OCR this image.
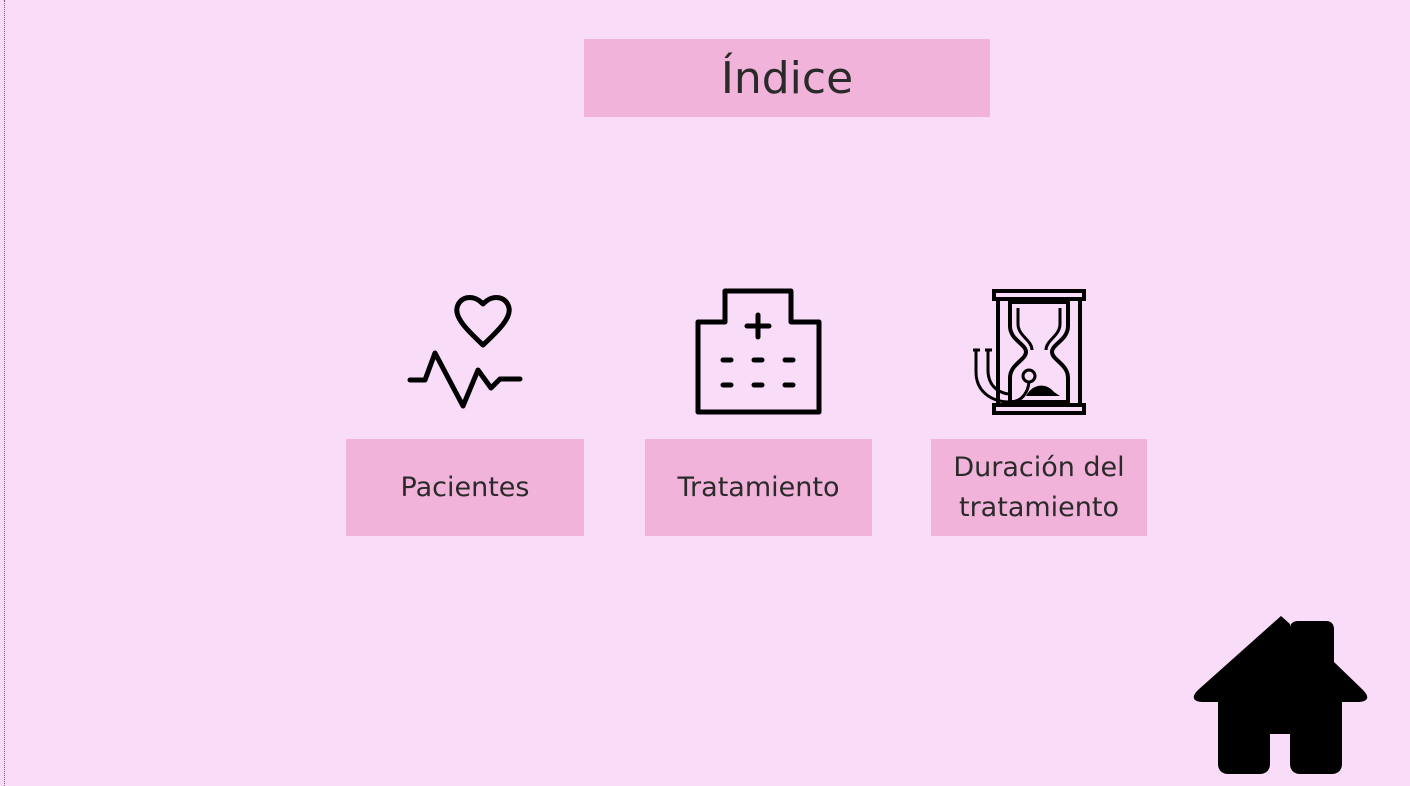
Índice
Pacientes	Tratamiento
Duración del
tratamiento
